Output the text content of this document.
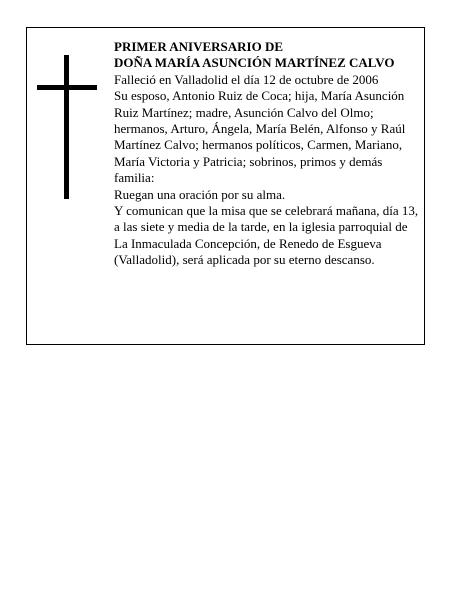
PRIMER ANIVERSARIO DE
DOÑA MARÍA ASUNCIÓN MARTÍNEZ CALVO

Falleció en Valladolid el día 12 de octubre de 2006

Su esposo, Antonio Ruiz de Coca; hija, María Asunción Ruiz Martínez; madre, Asunción Calvo del Olmo; hermanos, Arturo, Ángela, María Belén, Alfonso y Raúl Martínez Calvo; hermanos políticos, Carmen, Mariano, María Victoria y Patricia; sobrinos, primos y demás familia:

Ruegan una oración por su alma.

Y comunican que la misa que se celebrará mañana, día 13, a las siete y media de la tarde, en la iglesia parroquial de La Inmaculada Concepción, de Renedo de Esgueva (Valladolid), será aplicada por su eterno descanso.
